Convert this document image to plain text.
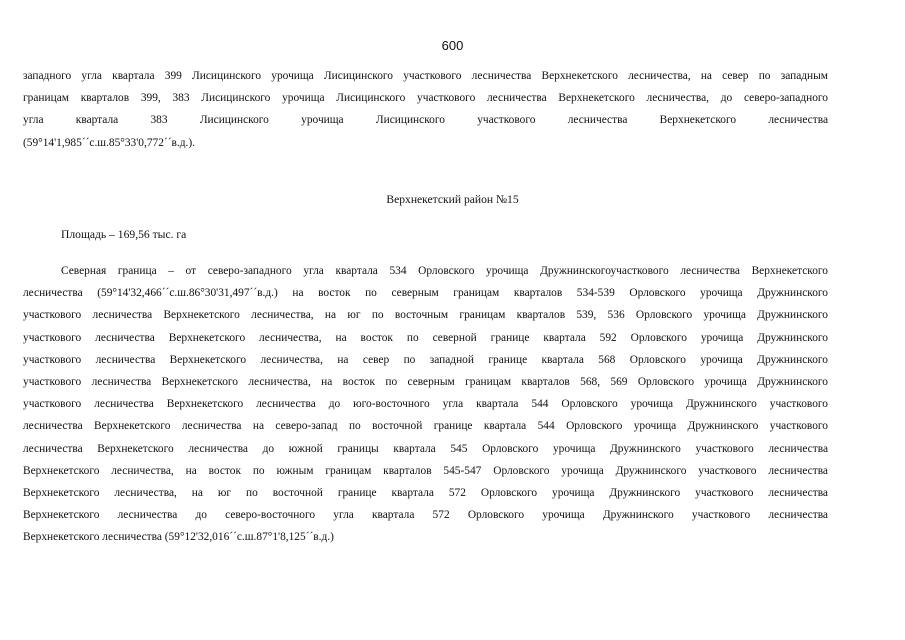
600
западного угла квартала 399 Лисицинского урочища Лисицинского участкового лесничества Верхнекетского лесничества, на север по западным
границам кварталов 399, 383 Лисицинского урочища Лисицинского участкового лесничества Верхнекетского лесничества, до северо-западного
угла квартала 383 Лисицинского урочища Лисицинского участкового лесничества Верхнекетского лесничества
(59°14'1,985´´с.ш.85°33'0,772´´в.д.).
Верхнекетский район №15
Площадь – 169,56 тыс. га
Северная граница – от северо-западного угла квартала 534 Орловского урочища Дружнинскогоучасткового лесничества Верхнекетского
лесничества (59°14'32,466´´с.ш.86°30'31,497´´в.д.) на восток по северным границам кварталов 534-539 Орловского урочища Дружнинского
участкового лесничества Верхнекетского лесничества, на юг по восточным границам кварталов 539, 536 Орловского урочища Дружнинского
участкового лесничества Верхнекетского лесничества, на восток по северной границе квартала 592 Орловского урочища Дружнинского
участкового лесничества Верхнекетского лесничества, на север по западной границе квартала 568 Орловского урочища Дружнинского
участкового лесничества Верхнекетского лесничества, на восток по северным границам кварталов 568, 569 Орловского урочища Дружнинского
участкового лесничества Верхнекетского лесничества до юго-восточного угла квартала 544 Орловского урочища Дружнинского участкового
лесничества Верхнекетского лесничества на северо-запад по восточной границе квартала 544 Орловского урочища Дружнинского участкового
лесничества Верхнекетского лесничества до южной границы квартала 545 Орловского урочища Дружнинского участкового лесничества
Верхнекетского лесничества, на восток по южным границам кварталов 545-547 Орловского урочища Дружнинского участкового лесничества
Верхнекетского лесничества, на юг по восточной границе квартала 572 Орловского урочища Дружнинского участкового лесничества
Верхнекетского лесничества до северо-восточного угла квартала 572 Орловского урочища Дружнинского участкового лесничества
Верхнекетского лесничества (59°12'32,016´´с.ш.87°1'8,125´´в.д.)
